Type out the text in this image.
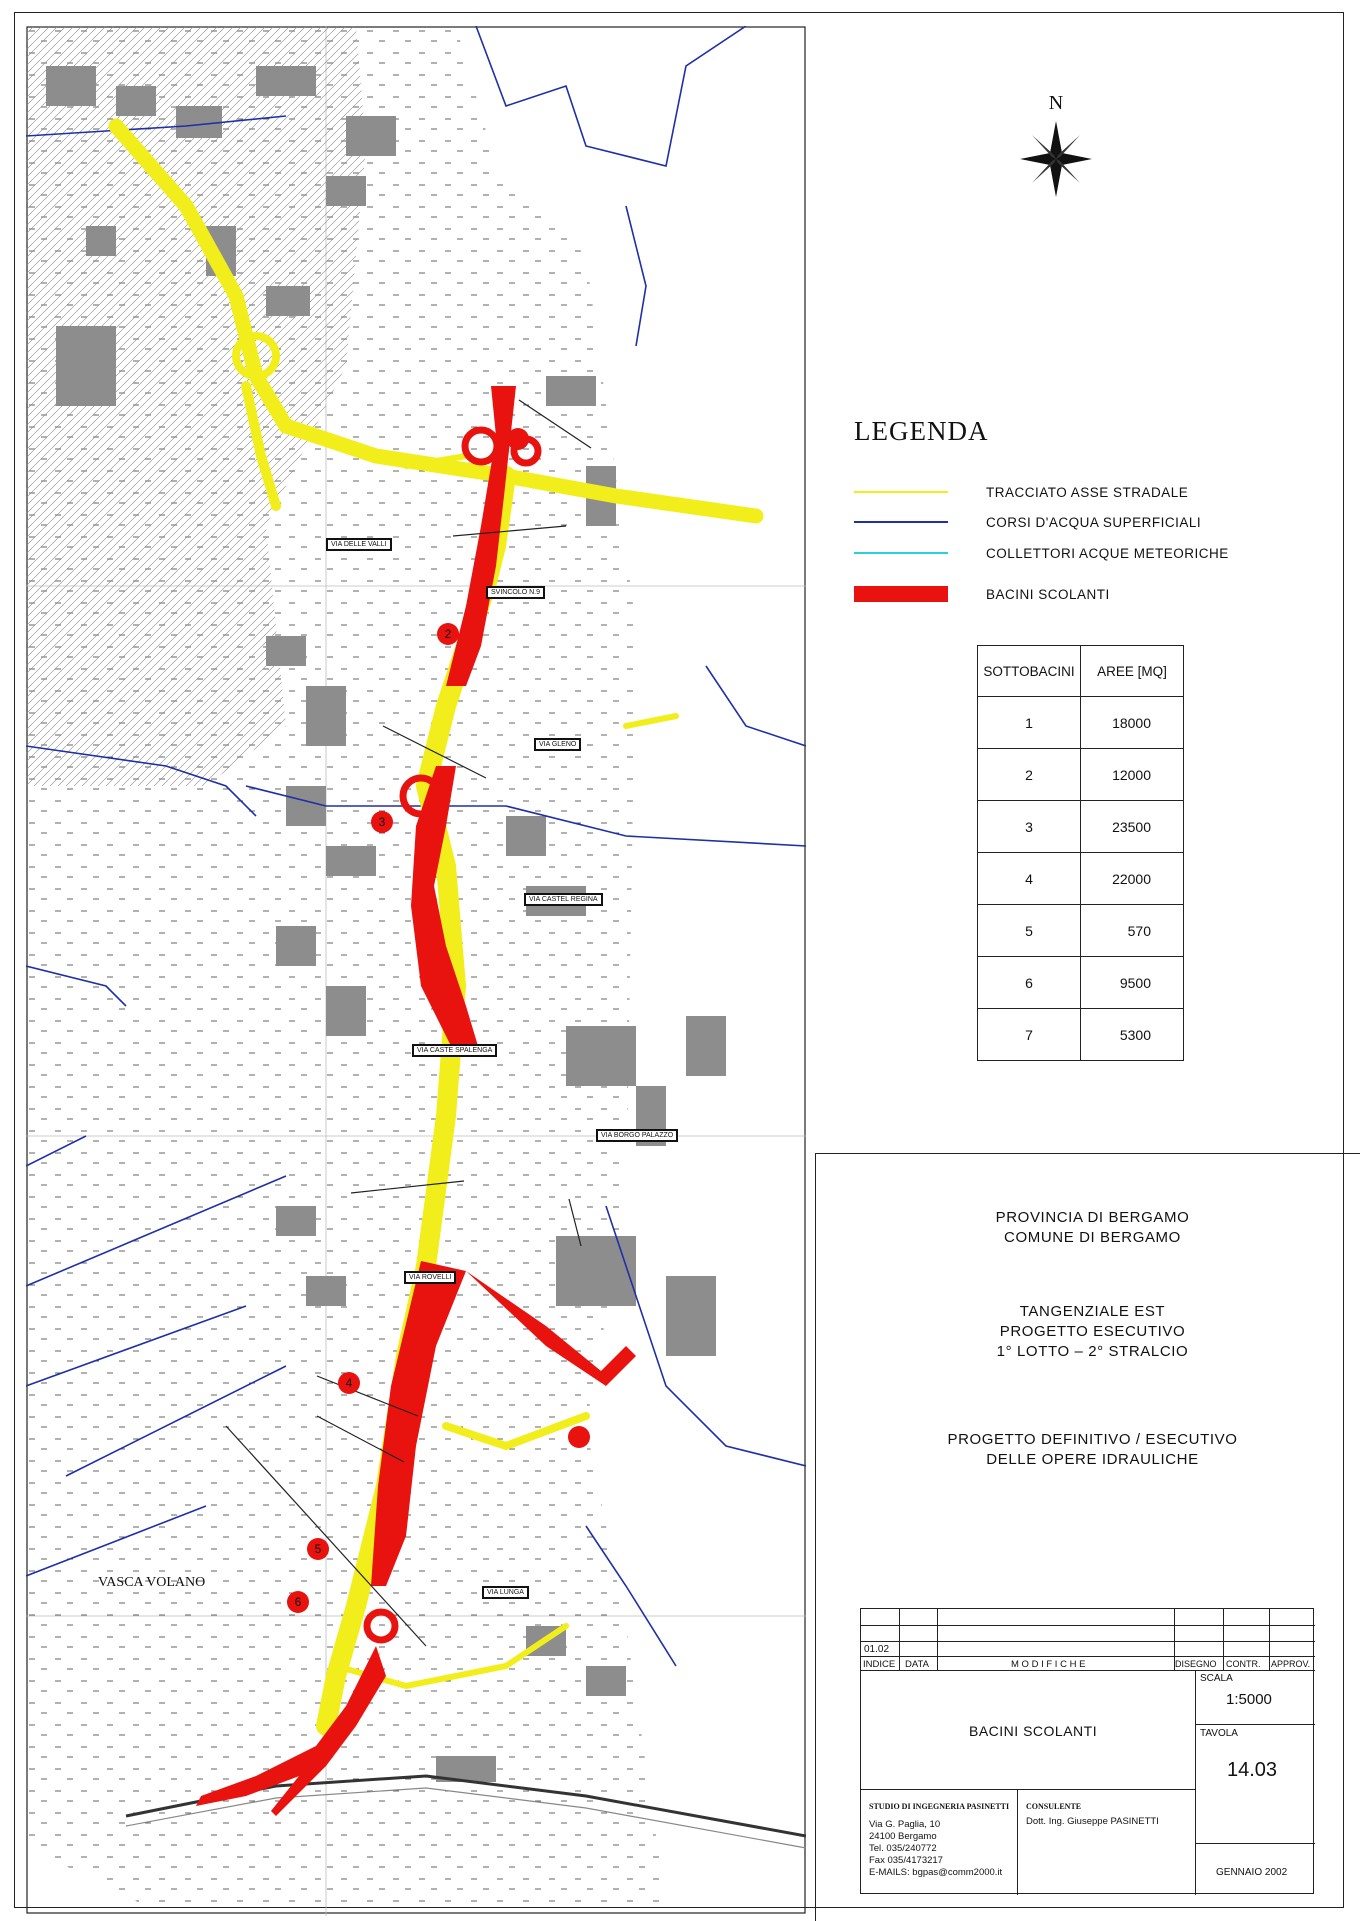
2
3
4
5
6
VIA DELLE VALLI
SVINCOLO N.9
VIA GLENO
VIA CASTEL REGINA
VIA CASTE SPALENGA
VIA BORGO PALAZZO
VIA ROVELLI
VIA LUNGA
VASCA VOLANO
N
LEGENDA
TRACCIATO ASSE STRADALE
CORSI D'ACQUA SUPERFICIALI
COLLETTORI ACQUE METEORICHE
BACINI SCOLANTI
SOTTOBACINI	AREE [MQ]
1	18000
2	12000
3	23500
4	22000
5	570
6	9500
7	5300
PROVINCIA DI BERGAMO
COMUNE DI BERGAMO
TANGENZIALE EST
PROGETTO ESECUTIVO
1° LOTTO – 2° STRALCIO
PROGETTO DEFINITIVO / ESECUTIVO
DELLE OPERE IDRAULICHE
01.02
INDICE DATA	M O D I F I C H E	DISEGNO CONTR. APPROV.
BACINI SCOLANTI
SCALA
1:5000
TAVOLA
14.03
GENNAIO 2002
STUDIO DI INGEGNERIA PASINETTI
Via G. Paglia, 10
24100 Bergamo
Tel. 035/240772
Fax 035/4173217
E-MAILS: bgpas@comm2000.it
CONSULENTE
Dott. Ing. Giuseppe PASINETTI
